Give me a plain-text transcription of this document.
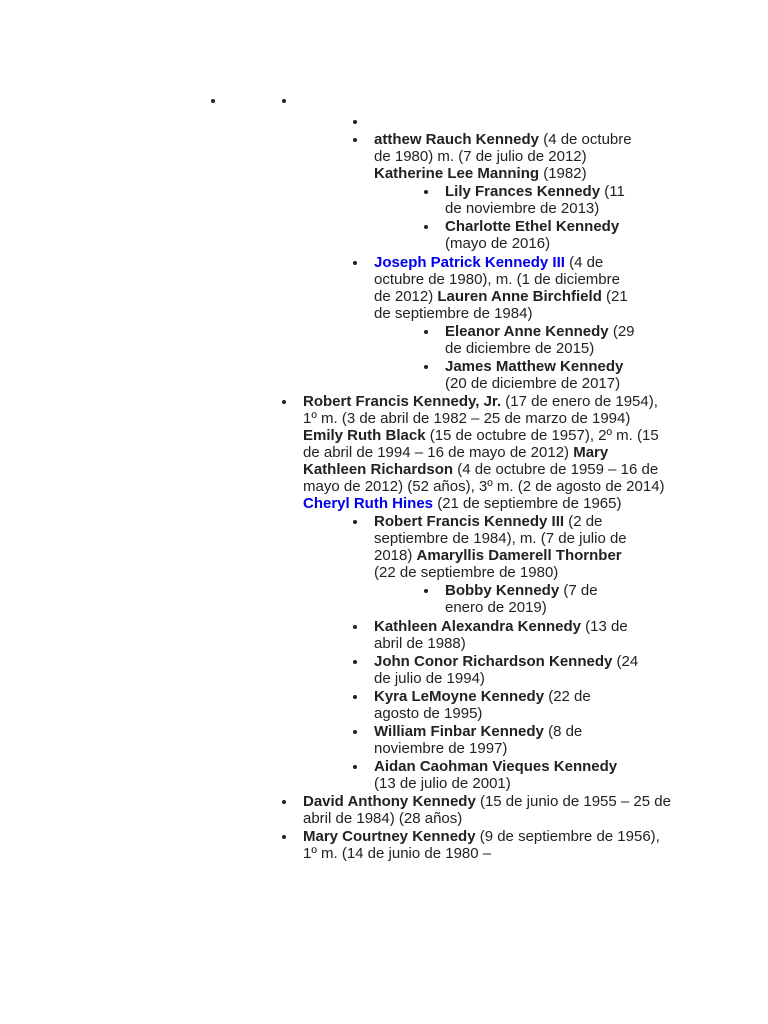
atthew Rauch Kennedy (4 de octubre de 1980) m. (7 de julio de 2012) Katherine Lee Manning (1982)
Lily Frances Kennedy (11 de noviembre de 2013)
Charlotte Ethel Kennedy (mayo de 2016)
Joseph Patrick Kennedy III (4 de octubre de 1980), m. (1 de diciembre de 2012) Lauren Anne Birchfield (21 de septiembre de 1984)
Eleanor Anne Kennedy (29 de diciembre de 2015)
James Matthew Kennedy (20 de diciembre de 2017)
Robert Francis Kennedy, Jr. (17 de enero de 1954), 1º m. (3 de abril de 1982 – 25 de marzo de 1994) Emily Ruth Black (15 de octubre de 1957), 2º m. (15 de abril de 1994 – 16 de mayo de 2012) Mary Kathleen Richardson (4 de octubre de 1959 – 16 de mayo de 2012) (52 años), 3º m. (2 de agosto de 2014) Cheryl Ruth Hines (21 de septiembre de 1965)
Robert Francis Kennedy III (2 de septiembre de 1984), m. (7 de julio de 2018) Amaryllis Damerell Thornber (22 de septiembre de 1980)
Bobby Kennedy (7 de enero de 2019)
Kathleen Alexandra Kennedy (13 de abril de 1988)
John Conor Richardson Kennedy (24 de julio de 1994)
Kyra LeMoyne Kennedy (22 de agosto de 1995)
William Finbar Kennedy (8 de noviembre de 1997)
Aidan Caohman Vieques Kennedy (13 de julio de 2001)
David Anthony Kennedy (15 de junio de 1955 – 25 de abril de 1984) (28 años)
Mary Courtney Kennedy (9 de septiembre de 1956), 1º m. (14 de junio de 1980 –
